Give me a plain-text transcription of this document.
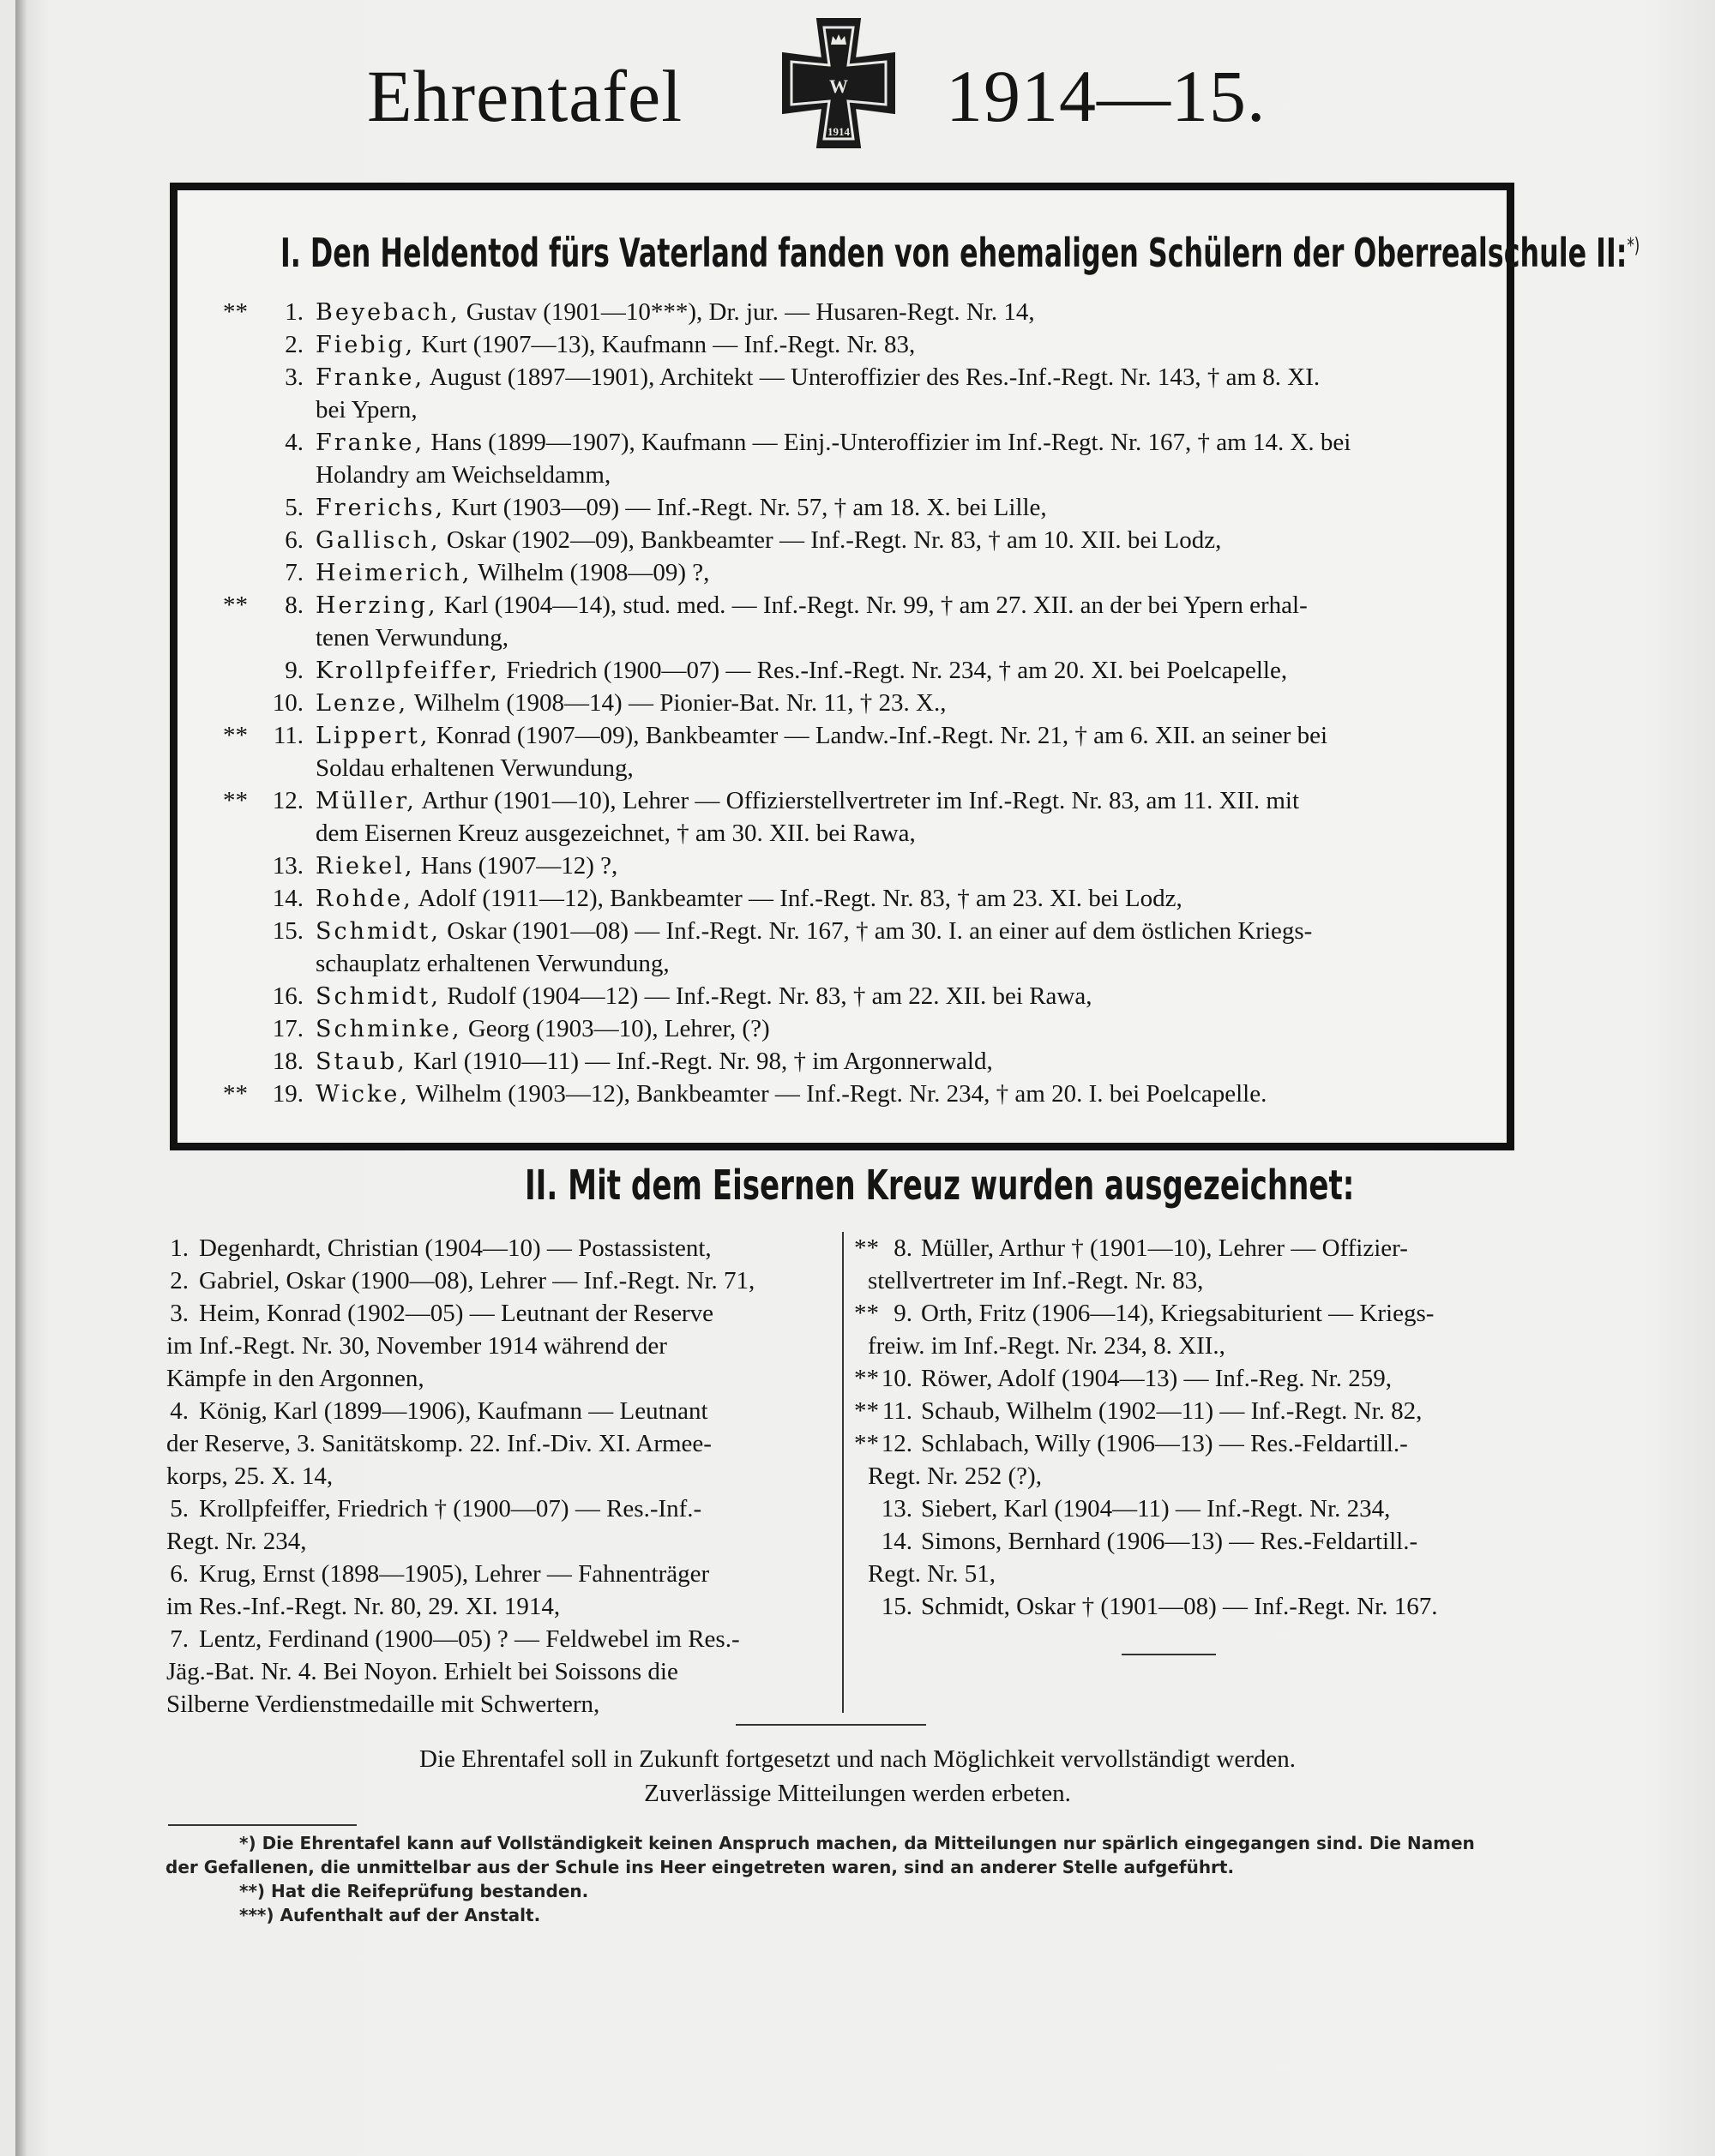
Ehrentafel	W
1914 1914—15.
I. Den Heldentod fürs Vaterland fanden von ehemaligen Schülern der Oberrealschule II:*)
**	1. Beyebach, Gustav (1901—10***), Dr. jur. — Husaren-Regt. Nr. 14,
2. Fiebig, Kurt (1907—13), Kaufmann — Inf.-Regt. Nr. 83,
3. Franke, August (1897—1901), Architekt — Unteroffizier des Res.-Inf.-Regt. Nr. 143, † am 8. XI.
bei Ypern,
4. Franke, Hans (1899—1907), Kaufmann — Einj.-Unteroffizier im Inf.-Regt. Nr. 167, † am 14. X. bei
Holandry am Weichseldamm,
5. Frerichs, Kurt (1903—09) — Inf.-Regt. Nr. 57, † am 18. X. bei Lille,
6. Gallisch, Oskar (1902—09), Bankbeamter — Inf.-Regt. Nr. 83, † am 10. XII. bei Lodz,
7. Heimerich, Wilhelm (1908—09) ?,
**	8. Herzing, Karl (1904—14), stud. med. — Inf.-Regt. Nr. 99, † am 27. XII. an der bei Ypern erhal-
tenen Verwundung,
9. Krollpfeiffer, Friedrich (1900—07) — Res.-Inf.-Regt. Nr. 234, † am 20. XI. bei Poelcapelle,
10. Lenze, Wilhelm (1908—14) — Pionier-Bat. Nr. 11, † 23. X.,
**	11. Lippert, Konrad (1907—09), Bankbeamter — Landw.-Inf.-Regt. Nr. 21, † am 6. XII. an seiner bei
Soldau erhaltenen Verwundung,
** 12. Müller, Arthur (1901—10), Lehrer — Offizierstellvertreter im Inf.-Regt. Nr. 83, am 11. XII. mit
dem Eisernen Kreuz ausgezeichnet, † am 30. XII. bei Rawa,
13. Riekel, Hans (1907—12) ?,
14. Rohde, Adolf (1911—12), Bankbeamter — Inf.-Regt. Nr. 83, † am 23. XI. bei Lodz,
15. Schmidt, Oskar (1901—08) — Inf.-Regt. Nr. 167, † am 30. I. an einer auf dem östlichen Kriegs-
schauplatz erhaltenen Verwundung,
16. Schmidt, Rudolf (1904—12) — Inf.-Regt. Nr. 83, † am 22. XII. bei Rawa,
17. Schminke, Georg (1903—10), Lehrer, (?)
18. Staub, Karl (1910—11) — Inf.-Regt. Nr. 98, † im Argonnerwald,
** 19. Wicke, Wilhelm (1903—12), Bankbeamter — Inf.-Regt. Nr. 234, † am 20. I. bei Poelcapelle.
II. Mit dem Eisernen Kreuz wurden ausgezeichnet:
1. Degenhardt, Christian (1904—10) — Postassistent,
2. Gabriel, Oskar (1900—08), Lehrer — Inf.-Regt. Nr. 71,
3. Heim, Konrad (1902—05) — Leutnant der Reserve
im Inf.-Regt. Nr. 30, November 1914 während der
Kämpfe in den Argonnen,
4. König, Karl (1899—1906), Kaufmann — Leutnant
der Reserve, 3. Sanitätskomp. 22. Inf.-Div. XI. Armee-
korps, 25. X. 14,
5. Krollpfeiffer, Friedrich † (1900—07) — Res.-Inf.-
Regt. Nr. 234,
6. Krug, Ernst (1898—1905), Lehrer — Fahnenträger
im Res.-Inf.-Regt. Nr. 80, 29. XI. 1914,
7. Lentz, Ferdinand (1900—05) ? — Feldwebel im Res.-
Jäg.-Bat. Nr. 4. Bei Noyon. Erhielt bei Soissons die
Silberne Verdienstmedaille mit Schwertern,
** 8. Müller, Arthur † (1901—10), Lehrer — Offizier-
stellvertreter im Inf.-Regt. Nr. 83,
** 9. Orth, Fritz (1906—14), Kriegsabiturient — Kriegs-
freiw. im Inf.-Regt. Nr. 234, 8. XII.,
** 10. Röwer, Adolf (1904—13) — Inf.-Reg. Nr. 259,
** 11. Schaub, Wilhelm (1902—11) — Inf.-Regt. Nr. 82,
** 12. Schlabach, Willy (1906—13) — Res.-Feldartill.-
Regt. Nr. 252 (?),
13. Siebert, Karl (1904—11) — Inf.-Regt. Nr. 234,
14. Simons, Bernhard (1906—13) — Res.-Feldartill.-
Regt. Nr. 51,
15. Schmidt, Oskar † (1901—08) — Inf.-Regt. Nr. 167.
Die Ehrentafel soll in Zukunft fortgesetzt und nach Möglichkeit vervollständigt werden.
Zuverlässige Mitteilungen werden erbeten.
*) Die Ehrentafel kann auf Vollständigkeit keinen Anspruch machen, da Mitteilungen nur spärlich eingegangen sind. Die Namen
der Gefallenen, die unmittelbar aus der Schule ins Heer eingetreten waren, sind an anderer Stelle aufgeführt.
**) Hat die Reifeprüfung bestanden.
***) Aufenthalt auf der Anstalt.
